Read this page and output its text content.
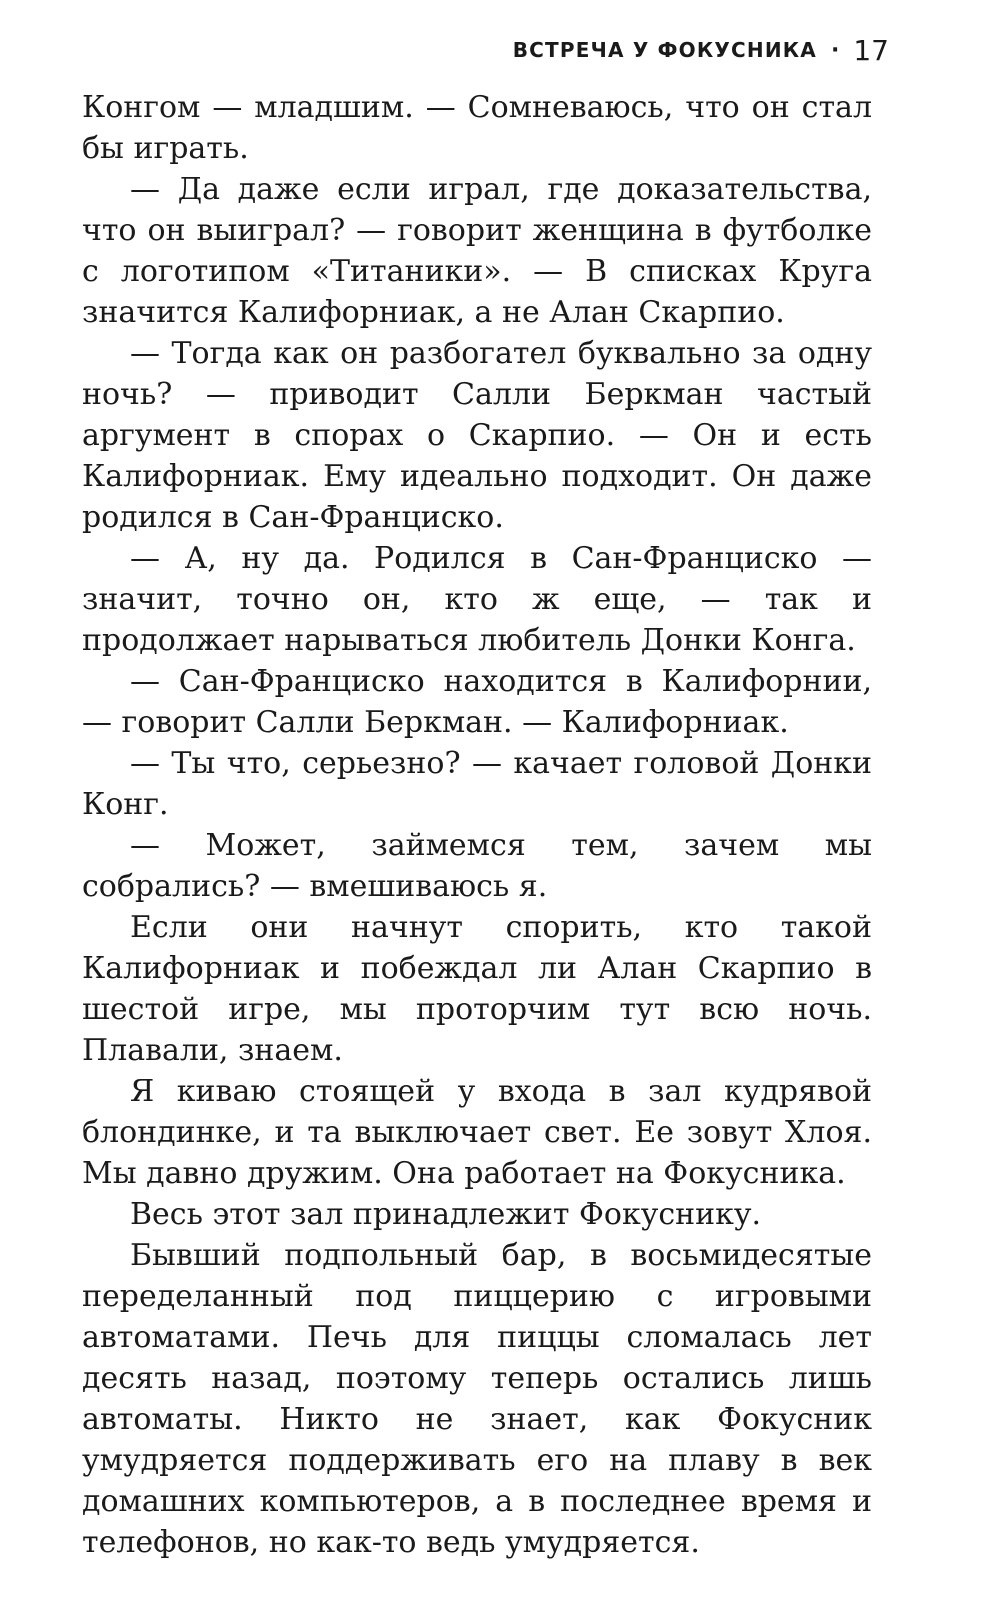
ВСТРЕЧА У ФОКУСНИКА · 17

Конгом — младшим. — Сомневаюсь, что он стал бы играть.

— Да даже если играл, где доказательства, что он выиграл? — говорит женщина в футболке с логотипом «Титаники». — В списках Круга значится Калифорниак, а не Алан Скарпио.

— Тогда как он разбогател буквально за одну ночь? — приводит Салли Беркман частый аргумент в спорах о Скарпио. — Он и есть Калифорниак. Ему идеально подходит. Он даже родился в Сан-Франциско.

— А, ну да. Родился в Сан-Франциско — значит, точно он, кто ж еще, — так и продолжает нарываться любитель Донки Конга.

— Сан-Франциско находится в Калифорнии, — говорит Салли Беркман. — Калифорниак.

— Ты что, серьезно? — качает головой Донки Конг.

— Может, займемся тем, зачем мы собрались? — вмешиваюсь я.

Если они начнут спорить, кто такой Калифорниак и побеждал ли Алан Скарпио в шестой игре, мы проторчим тут всю ночь. Плавали, знаем.

Я киваю стоящей у входа в зал кудрявой блондинке, и та выключает свет. Ее зовут Хлоя. Мы давно дружим. Она работает на Фокусника.

Весь этот зал принадлежит Фокуснику.

Бывший подпольный бар, в восьмидесятые переделанный под пиццерию с игровыми автоматами. Печь для пиццы сломалась лет десять назад, поэтому теперь остались лишь автоматы. Никто не знает, как Фокусник умудряется поддерживать его на плаву в век домашних компьютеров, а в последнее время и телефонов, но как-то ведь умудряется.
